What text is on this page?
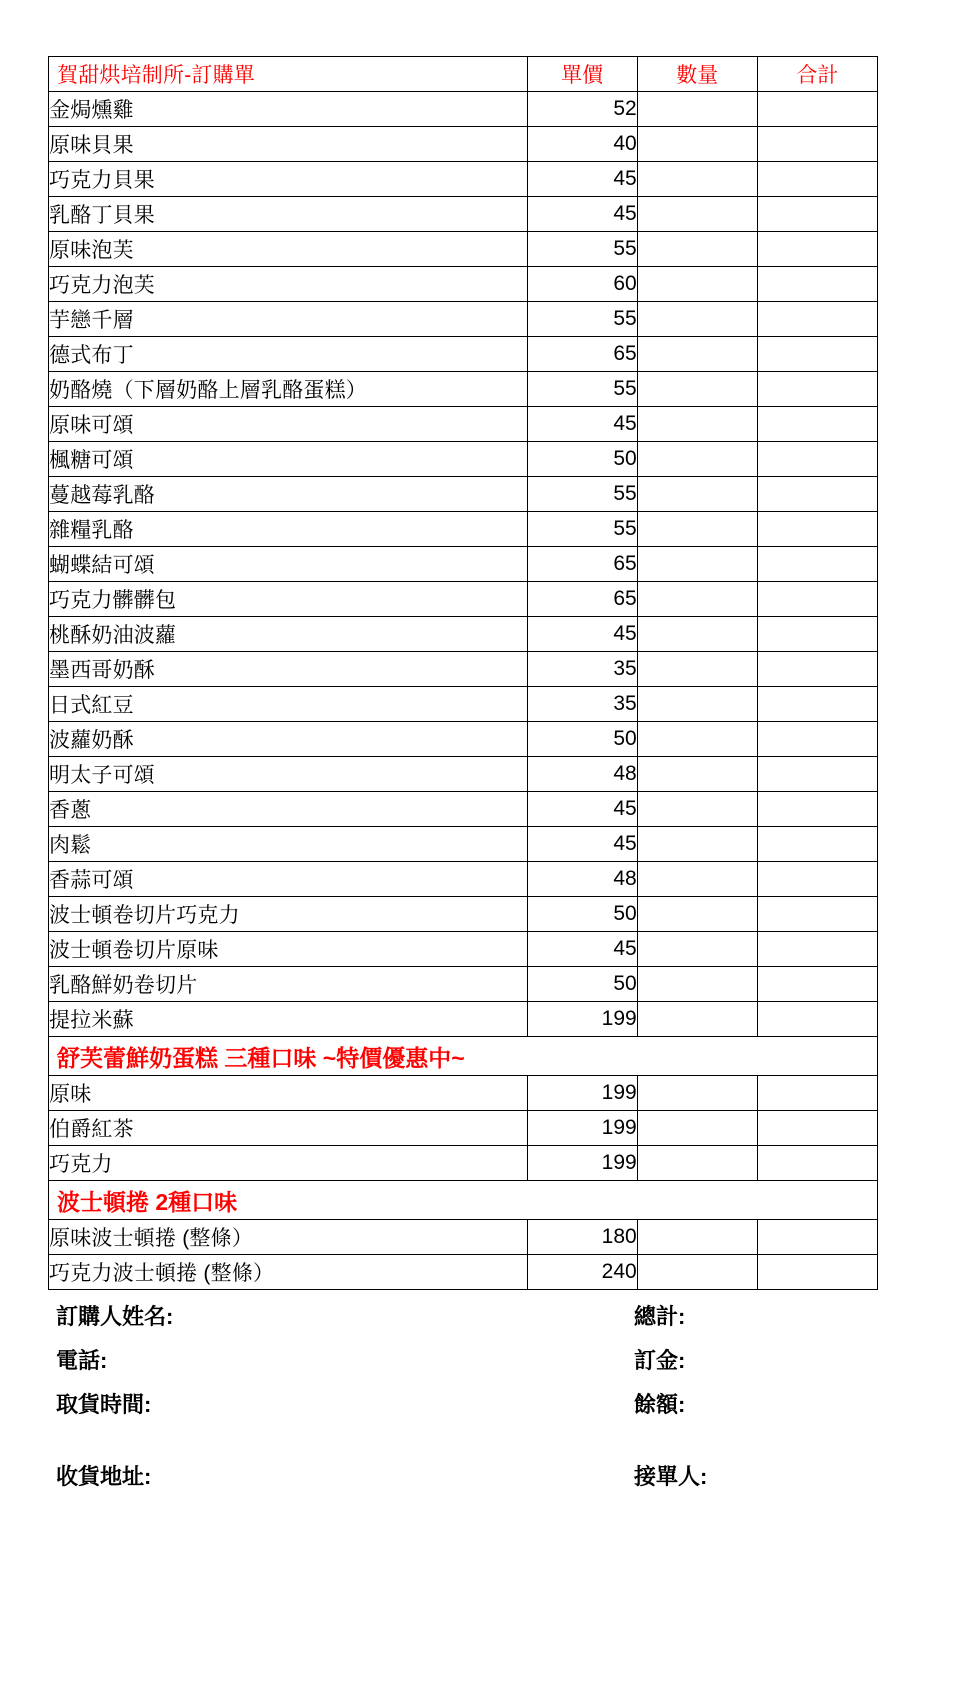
賀甜烘培制所-訂購單	單價	數量	合計
金焗燻雞	52		
原味貝果	40		
巧克力貝果	45		
乳酪丁貝果	45		
原味泡芙	55		
巧克力泡芙	60		
芋戀千層	55		
德式布丁	65		
奶酪燒（下層奶酪上層乳酪蛋糕）	55		
原味可頌	45		
楓糖可頌	50		
蔓越莓乳酪	55		
雜糧乳酪	55		
蝴蝶結可頌	65		
巧克力髒髒包	65		
桃酥奶油波蘿	45		
墨西哥奶酥	35		
日式紅豆	35		
波蘿奶酥	50		
明太子可頌	48		
香蔥	45		
肉鬆	45		
香蒜可頌	48		
波士頓卷切片巧克力	50		
波士頓卷切片原味	45		
乳酪鮮奶卷切片	50		
提拉米蘇	199		
舒芙蕾鮮奶蛋糕 三種口味 ~特價優惠中~			
原味	199		
伯爵紅茶	199		
巧克力	199		
波士頓捲 2種口味			
原味波士頓捲 (整條）	180		
巧克力波士頓捲 (整條）	240		
訂購人姓名:
電話:
取貨時間:
收貨地址:
總計:
訂金:
餘額:
接單人:
